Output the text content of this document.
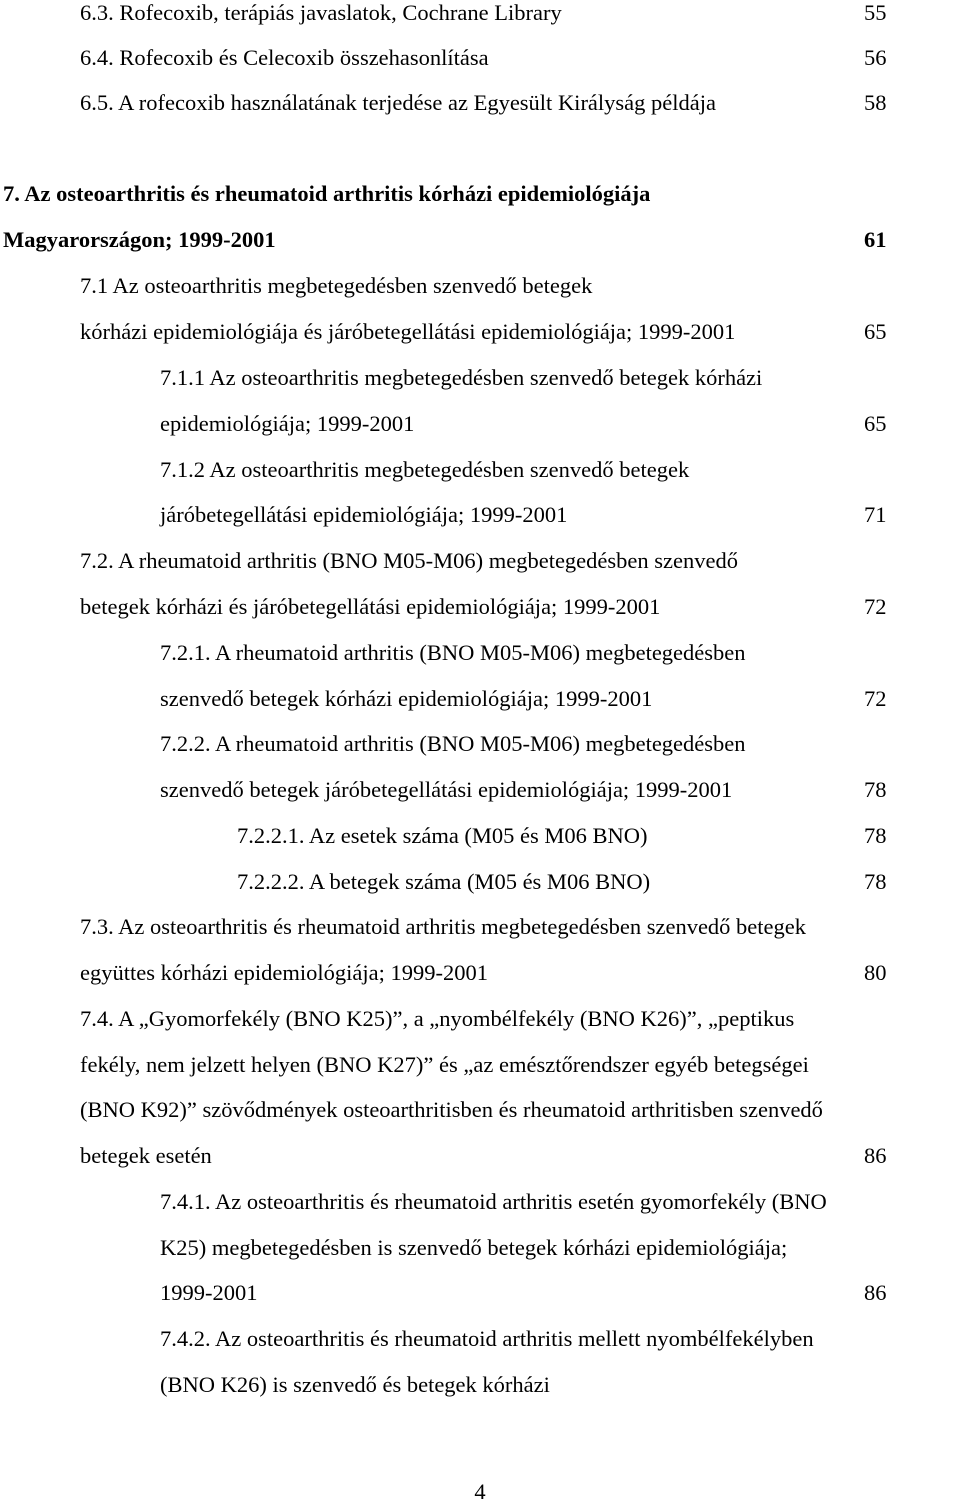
6.3. Rofecoxib, terápiás javaslatok, Cochrane Library	55
6.4. Rofecoxib és Celecoxib összehasonlítása	56
6.5. A rofecoxib használatának terjedése az Egyesült Királyság példája	58
7. Az osteoarthritis és rheumatoid arthritis kórházi epidemiológiája
Magyarországon; 1999-2001	61
7.1 Az osteoarthritis megbetegedésben szenvedő betegek
kórházi epidemiológiája és járóbetegellátási epidemiológiája; 1999-2001	65
7.1.1 Az osteoarthritis megbetegedésben szenvedő betegek kórházi
epidemiológiája; 1999-2001	65
7.1.2 Az osteoarthritis megbetegedésben szenvedő betegek
járóbetegellátási epidemiológiája; 1999-2001	71
7.2. A rheumatoid arthritis (BNO M05-M06) megbetegedésben szenvedő
betegek kórházi és járóbetegellátási epidemiológiája; 1999-2001	72
7.2.1. A rheumatoid arthritis (BNO M05-M06) megbetegedésben
szenvedő betegek kórházi epidemiológiája; 1999-2001	72
7.2.2. A rheumatoid arthritis (BNO M05-M06) megbetegedésben
szenvedő betegek járóbetegellátási epidemiológiája; 1999-2001	78
7.2.2.1. Az esetek száma (M05 és M06 BNO)	78
7.2.2.2. A betegek száma (M05 és M06 BNO)	78
7.3. Az osteoarthritis és rheumatoid arthritis megbetegedésben szenvedő betegek
együttes kórházi epidemiológiája; 1999-2001	80
7.4. A „Gyomorfekély (BNO K25)”, a „nyombélfekély (BNO K26)”, „peptikus
fekély, nem jelzett helyen (BNO K27)” és „az emésztőrendszer egyéb betegségei
(BNO K92)” szövődmények osteoarthritisben és rheumatoid arthritisben szenvedő
betegek esetén	86
7.4.1. Az osteoarthritis és rheumatoid arthritis esetén gyomorfekély (BNO
K25) megbetegedésben is szenvedő betegek kórházi epidemiológiája;
1999-2001	86
7.4.2. Az osteoarthritis és rheumatoid arthritis mellett nyombélfekélyben
(BNO K26) is szenvedő és betegek kórházi
4
